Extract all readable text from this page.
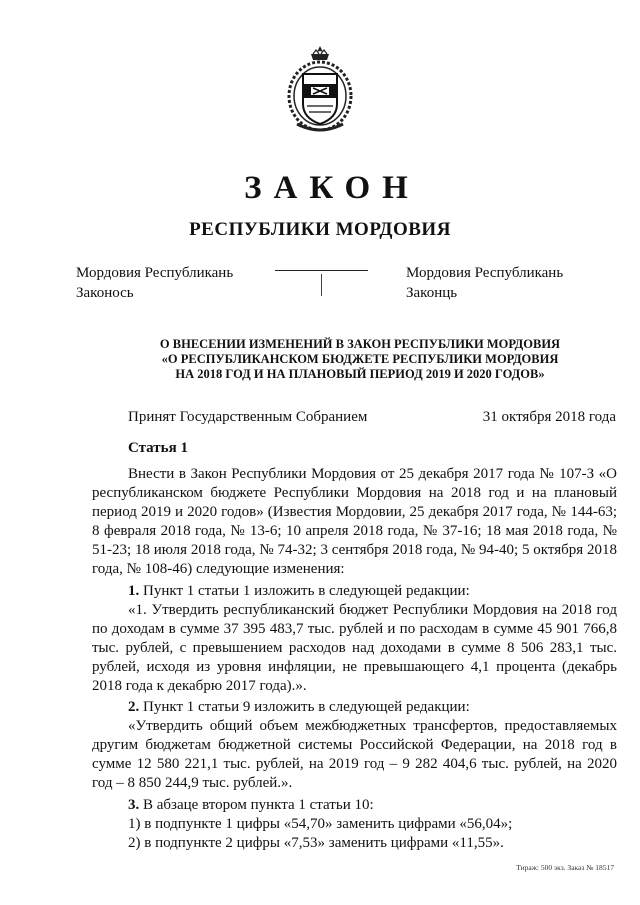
ЗАКОН
РЕСПУБЛИКИ МОРДОВИЯ
Мордовия Республикань
Законось
Мордовия Республикань
Законць
О ВНЕСЕНИИ ИЗМЕНЕНИЙ В ЗАКОН РЕСПУБЛИКИ МОРДОВИЯ
«О РЕСПУБЛИКАНСКОМ БЮДЖЕТЕ РЕСПУБЛИКИ МОРДОВИЯ
НА 2018 ГОД И НА ПЛАНОВЫЙ ПЕРИОД 2019 И 2020 ГОДОВ»
Принят Государственным Собранием	31 октября 2018 года
Статья 1

Внести в Закон Республики Мордовия от 25 декабря 2017 года № 107-З «О республиканском бюджете Республики Мордовия на 2018 год и на плановый период 2019 и 2020 годов» (Известия Мордовии, 25 декабря 2017 года, № 144-63; 8 февраля 2018 года, № 13-6; 10 апреля 2018 года, № 37-16; 18 мая 2018 года, № 51-23; 18 июля 2018 года, № 74-32; 3 сентября 2018 года, № 94-40; 5 октября 2018 года, № 108-46) следующие изменения:

1. Пункт 1 статьи 1 изложить в следующей редакции:

«1. Утвердить республиканский бюджет Республики Мордовия на 2018 год по доходам в сумме 37 395 483,7 тыс. рублей и по расходам в сумме 45 901 766,8 тыс. рублей, с превышением расходов над доходами в сумме 8 506 283,1 тыс. рублей, исходя из уровня инфляции, не превышающего 4,1 процента (декабрь 2018 года к декабрю 2017 года).».

2. Пункт 1 статьи 9 изложить в следующей редакции:

«Утвердить общий объем межбюджетных трансфертов, предоставляемых другим бюджетам бюджетной системы Российской Федерации, на 2018 год в сумме 12 580 221,1 тыс. рублей, на 2019 год – 9 282 404,6 тыс. рублей, на 2020 год – 8 850 244,9 тыс. рублей.».

3. В абзаце втором пункта 1 статьи 10:

1) в подпункте 1 цифры «54,70» заменить цифрами «56,04»;

2) в подпункте 2 цифры «7,53» заменить цифрами «11,55».

Тираж: 500 экз. Заказ № 18517
